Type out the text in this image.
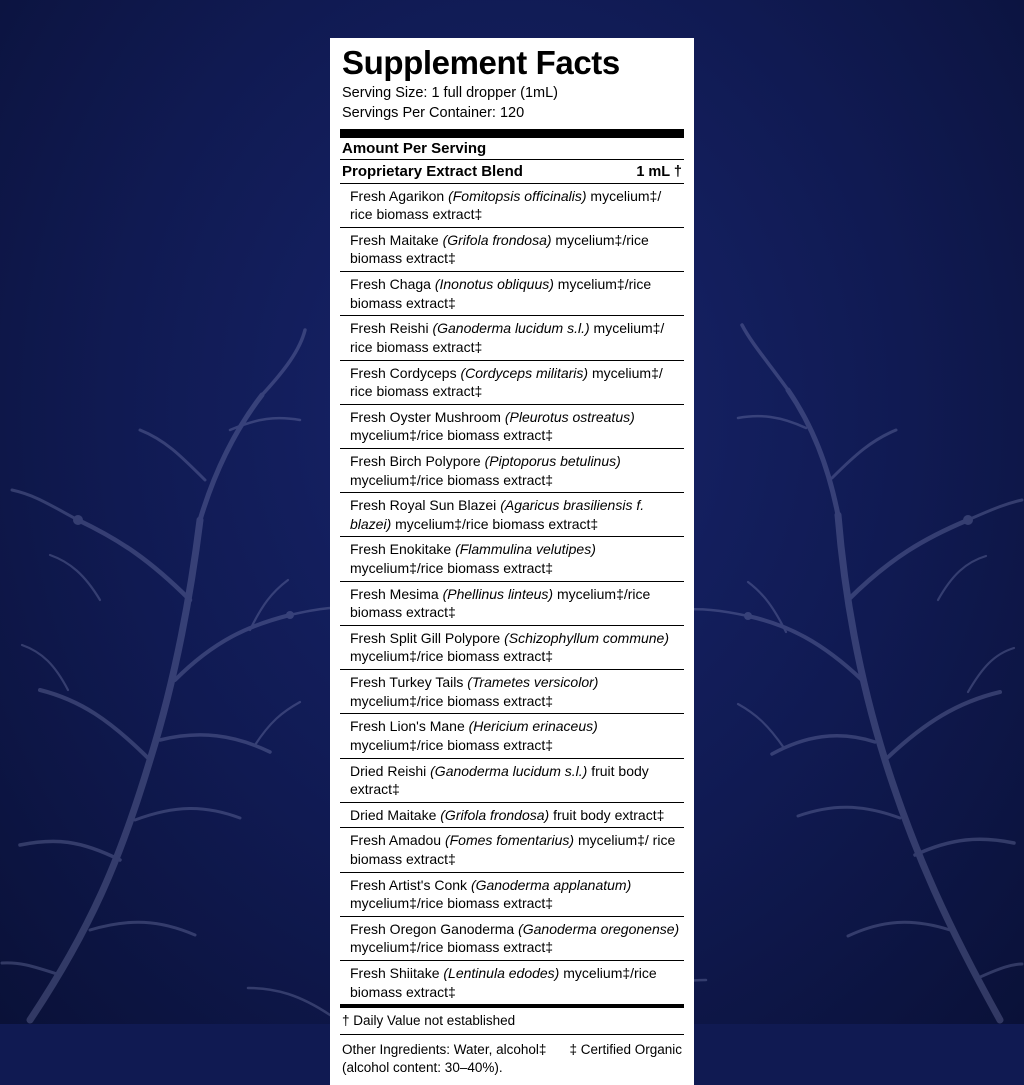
Supplement Facts
Serving Size: 1 full dropper (1mL)
Servings Per Container: 120
Amount Per Serving
Proprietary Extract Blend	1 mL †
Fresh Agarikon (Fomitopsis officinalis) mycelium‡/ rice biomass extract‡
Fresh Maitake (Grifola frondosa) mycelium‡/rice biomass extract‡
Fresh Chaga (Inonotus obliquus) mycelium‡/rice biomass extract‡
Fresh Reishi (Ganoderma lucidum s.l.) mycelium‡/ rice biomass extract‡
Fresh Cordyceps (Cordyceps militaris) mycelium‡/ rice biomass extract‡
Fresh Oyster Mushroom (Pleurotus ostreatus) mycelium‡/rice biomass extract‡
Fresh Birch Polypore (Piptoporus betulinus) mycelium‡/rice biomass extract‡
Fresh Royal Sun Blazei (Agaricus brasiliensis f. blazei) mycelium‡/rice biomass extract‡
Fresh Enokitake (Flammulina velutipes) mycelium‡/rice biomass extract‡
Fresh Mesima (Phellinus linteus) mycelium‡/rice biomass extract‡
Fresh Split Gill Polypore (Schizophyllum commune) mycelium‡/rice biomass extract‡
Fresh Turkey Tails (Trametes versicolor) mycelium‡/rice biomass extract‡
Fresh Lion's Mane (Hericium erinaceus) mycelium‡/rice biomass extract‡
Dried Reishi (Ganoderma lucidum s.l.) fruit body extract‡
Dried Maitake (Grifola frondosa) fruit body extract‡
Fresh Amadou (Fomes fomentarius) mycelium‡/ rice biomass extract‡
Fresh Artist's Conk (Ganoderma applanatum) mycelium‡/rice biomass extract‡
Fresh Oregon Ganoderma (Ganoderma oregonense) mycelium‡/rice biomass extract‡
Fresh Shiitake (Lentinula edodes) mycelium‡/rice biomass extract‡
† Daily Value not established
Other Ingredients: Water, alcohol‡ (alcohol content: 30–40%).
‡ Certified Organic
